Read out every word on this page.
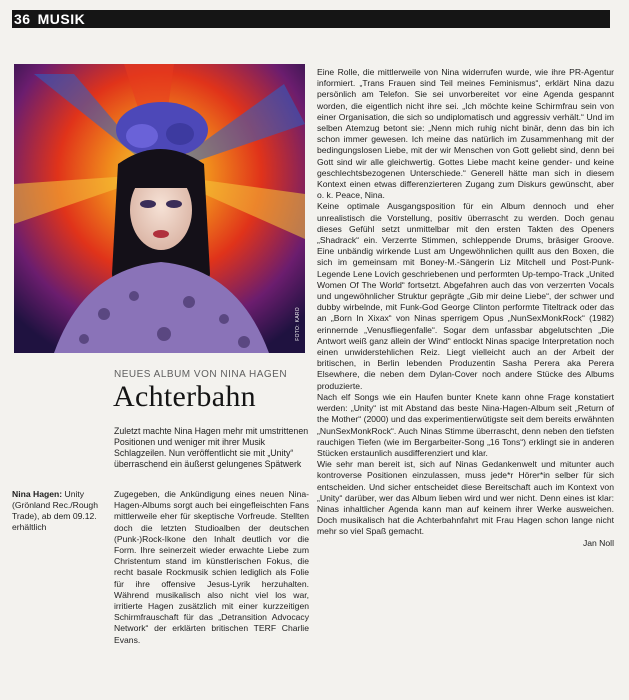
36 MUSIK
FOTO: KARO
NEUES ALBUM VON NINA HAGEN
Achterbahn
Zuletzt machte Nina Hagen mehr mit umstrittenen Positionen und weniger mit ihrer Musik Schlagzeilen. Nun veröffentlicht sie mit „Unity“ überraschend ein äußerst gelungenes Spätwerk
Nina Hagen: Unity (Grönland Rec./Rough Trade), ab dem 09.12. erhältlich

Zugegeben, die Ankündigung eines neuen Nina-Hagen-Albums sorgt auch bei eingefleischten Fans mittlerweile eher für skeptische Vorfreude. Stellten doch die letzten Studioalben der deutschen (Punk-)Rock-Ikone den Inhalt deutlich vor die Form. Ihre seinerzeit wieder erwachte Liebe zum Christentum stand im künstlerischen Fokus, die recht basale Rockmusik schien lediglich als Folie für ihre offensive Jesus-Lyrik herzuhalten. Während musikalisch also nicht viel los war, irritierte Hagen zusätzlich mit einer kurzzeitigen Schirmfrauschaft für das „Detransition Advocacy Network“ der erklärten britischen TERF Charlie Evans.

Eine Rolle, die mittlerweile von Nina widerrufen wurde, wie ihre PR-Agentur informiert. „Trans Frauen sind Teil meines Feminismus“, erklärt Nina dazu persönlich am Telefon. Sie sei unvorbereitet vor eine Agenda gespannt worden, die eigentlich nicht ihre sei. „Ich möchte keine Schirmfrau sein von einer Organisation, die sich so undiplomatisch und aggressiv verhält.“ Und im selben Atemzug betont sie: „Nenn mich ruhig nicht binär, denn das bin ich schon immer gewesen. Ich meine das natürlich im Zusammenhang mit der bedingungslosen Liebe, mit der wir Menschen von Gott geliebt sind, denn bei Gott sind wir alle gleichwertig. Gottes Liebe macht keine gender- und keine geschlechtsbezogenen Unterschiede.“ Generell hätte man sich in diesem Kontext einen etwas differenzierteren Zugang zum Diskurs gewünscht, aber o. k. Peace, Nina.

Keine optimale Ausgangsposition für ein Album dennoch und eher unrealistisch die Vorstellung, positiv überrascht zu werden. Doch genau dieses Gefühl setzt unmittelbar mit den ersten Takten des Openers „Shadrack“ ein. Verzerrte Stimmen, schleppende Drums, bräsiger Groove. Eine unbändig wirkende Lust am Ungewöhnlichen quillt aus den Boxen, die sich im gemeinsam mit Boney-M.-Sängerin Liz Mitchell und Post-Punk-Legende Lene Lovich geschriebenen und performten Up-tempo-Track „United Women Of The World“ fortsetzt. Abgefahren auch das von verzerrten Vocals und ungewöhnlicher Struktur geprägte „Gib mir deine Liebe“, der schwer und dubby wirbelnde, mit Funk-God George Clinton performte Titeltrack oder das an „Born In Xixax“ von Ninas sperrigem Opus „NunSexMonkRock“ (1982) erinnernde „Venusfliegenfalle“. Sogar dem unfassbar abgelutschten „Die Antwort weiß ganz allein der Wind“ entlockt Ninas spacige Interpretation noch einen unwiderstehlichen Reiz. Liegt vielleicht auch an der Arbeit der britischen, in Berlin lebenden Produzentin Sasha Perera aka Perera Elsewhere, die neben dem Dylan-Cover noch andere Stücke des Albums produzierte.

Nach elf Songs wie ein Haufen bunter Knete kann ohne Frage konstatiert werden: „Unity“ ist mit Abstand das beste Nina-Hagen-Album seit „Return of the Mother“ (2000) und das experimentierwütigste seit dem bereits erwähnten „NunSexMonkRock“. Auch Ninas Stimme überrascht, denn neben den tiefsten rauchigen Tiefen (wie im Bergarbeiter-Song „16 Tons“) erklingt sie in anderen Stücken erstaunlich ausdifferenziert und klar.

Wie sehr man bereit ist, sich auf Ninas Gedankenwelt und mitunter auch kontroverse Positionen einzulassen, muss jede*r Hörer*in selber für sich entscheiden. Und sicher entscheidet diese Bereitschaft auch im Kontext von „Unity“ darüber, wer das Album lieben wird und wer nicht. Denn eines ist klar: Ninas inhaltlicher Agenda kann man auf keinem ihrer Werke ausweichen. Doch musikalisch hat die Achterbahnfahrt mit Frau Hagen schon lange nicht mehr so viel Spaß gemacht.

Jan Noll
